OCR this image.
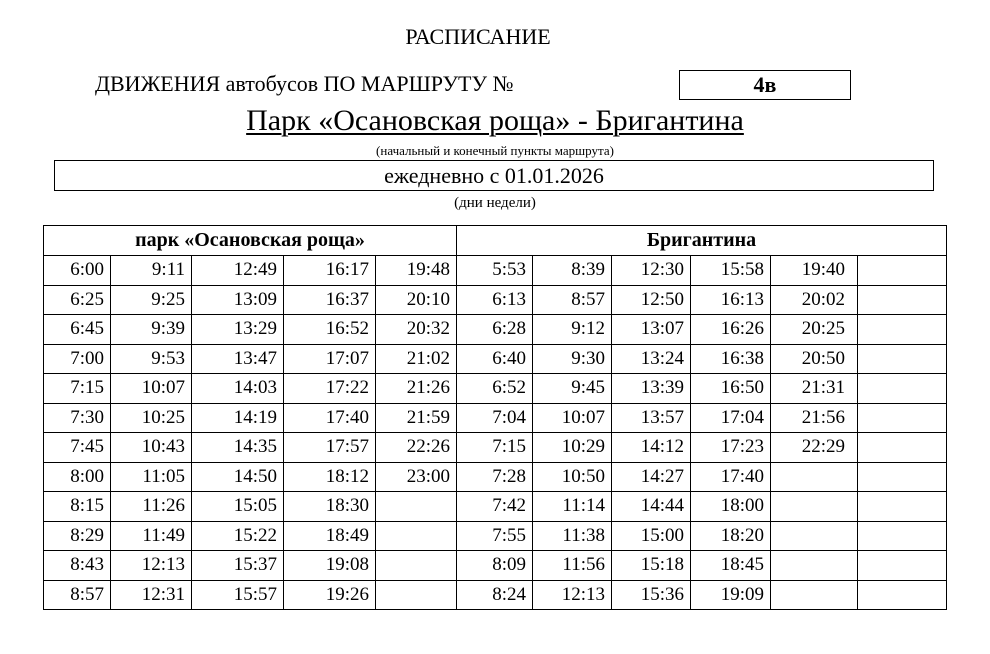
РАСПИСАНИЕ
ДВИЖЕНИЯ автобусов ПО МАРШРУТУ №	4в
Парк «Осановская роща» - Бригантина
(начальный и конечный пункты маршрута)
ежедневно с 01.01.2026
(дни недели)
парк «Осановская роща»					Бригантина					
6:00	9:11	12:49	16:17	19:48	5:53	8:39	12:30	15:58	19:40	
6:25	9:25	13:09	16:37	20:10	6:13	8:57	12:50	16:13	20:02	
6:45	9:39	13:29	16:52	20:32	6:28	9:12	13:07	16:26	20:25	
7:00	9:53	13:47	17:07	21:02	6:40	9:30	13:24	16:38	20:50	
7:15	10:07	14:03	17:22	21:26	6:52	9:45	13:39	16:50	21:31	
7:30	10:25	14:19	17:40	21:59	7:04	10:07	13:57	17:04	21:56	
7:45	10:43	14:35	17:57	22:26	7:15	10:29	14:12	17:23	22:29	
8:00	11:05	14:50	18:12	23:00	7:28	10:50	14:27	17:40		
8:15	11:26	15:05	18:30		7:42	11:14	14:44	18:00		
8:29	11:49	15:22	18:49		7:55	11:38	15:00	18:20		
8:43	12:13	15:37	19:08		8:09	11:56	15:18	18:45		
8:57	12:31	15:57	19:26		8:24	12:13	15:36	19:09		
